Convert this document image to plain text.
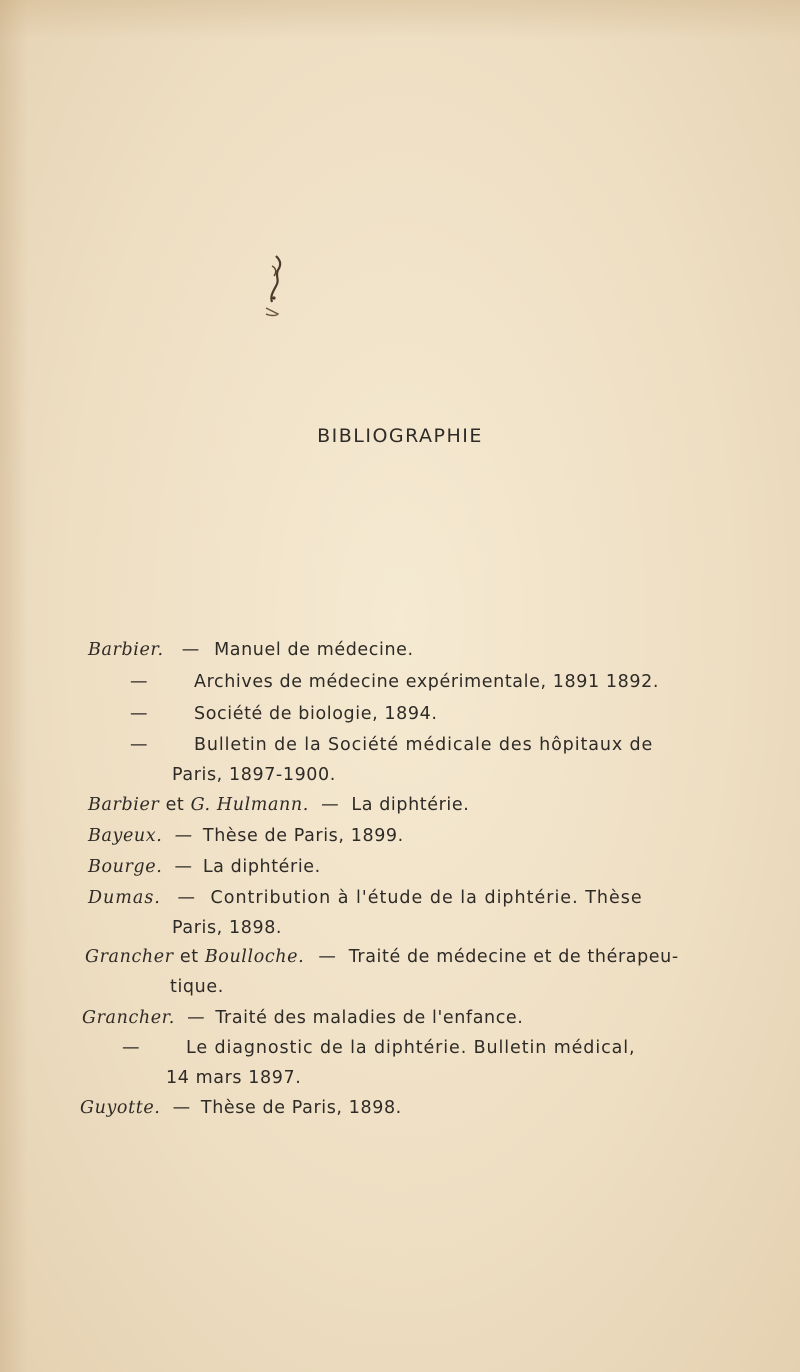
BIBLIOGRAPHIE
Barbier. — Manuel de médecine.
—	Archives de médecine expérimentale, 1891 1892.
—	Société de biologie, 1894.
—	Bulletin de la Société médicale des hôpitaux de
Paris, 1897-1900.
Barbier et G. Hulmann. — La diphtérie.
Bayeux. — Thèse de Paris, 1899.
Bourge. — La diphtérie.
Dumas. — Contribution à l'étude de la diphtérie. Thèse
Paris, 1898.
Grancher et Boulloche. — Traité de médecine et de thérapeu-
tique.
Grancher. — Traité des maladies de l'enfance.
—	Le diagnostic de la diphtérie. Bulletin médical,
14 mars 1897.
Guyotte. — Thèse de Paris, 1898.
